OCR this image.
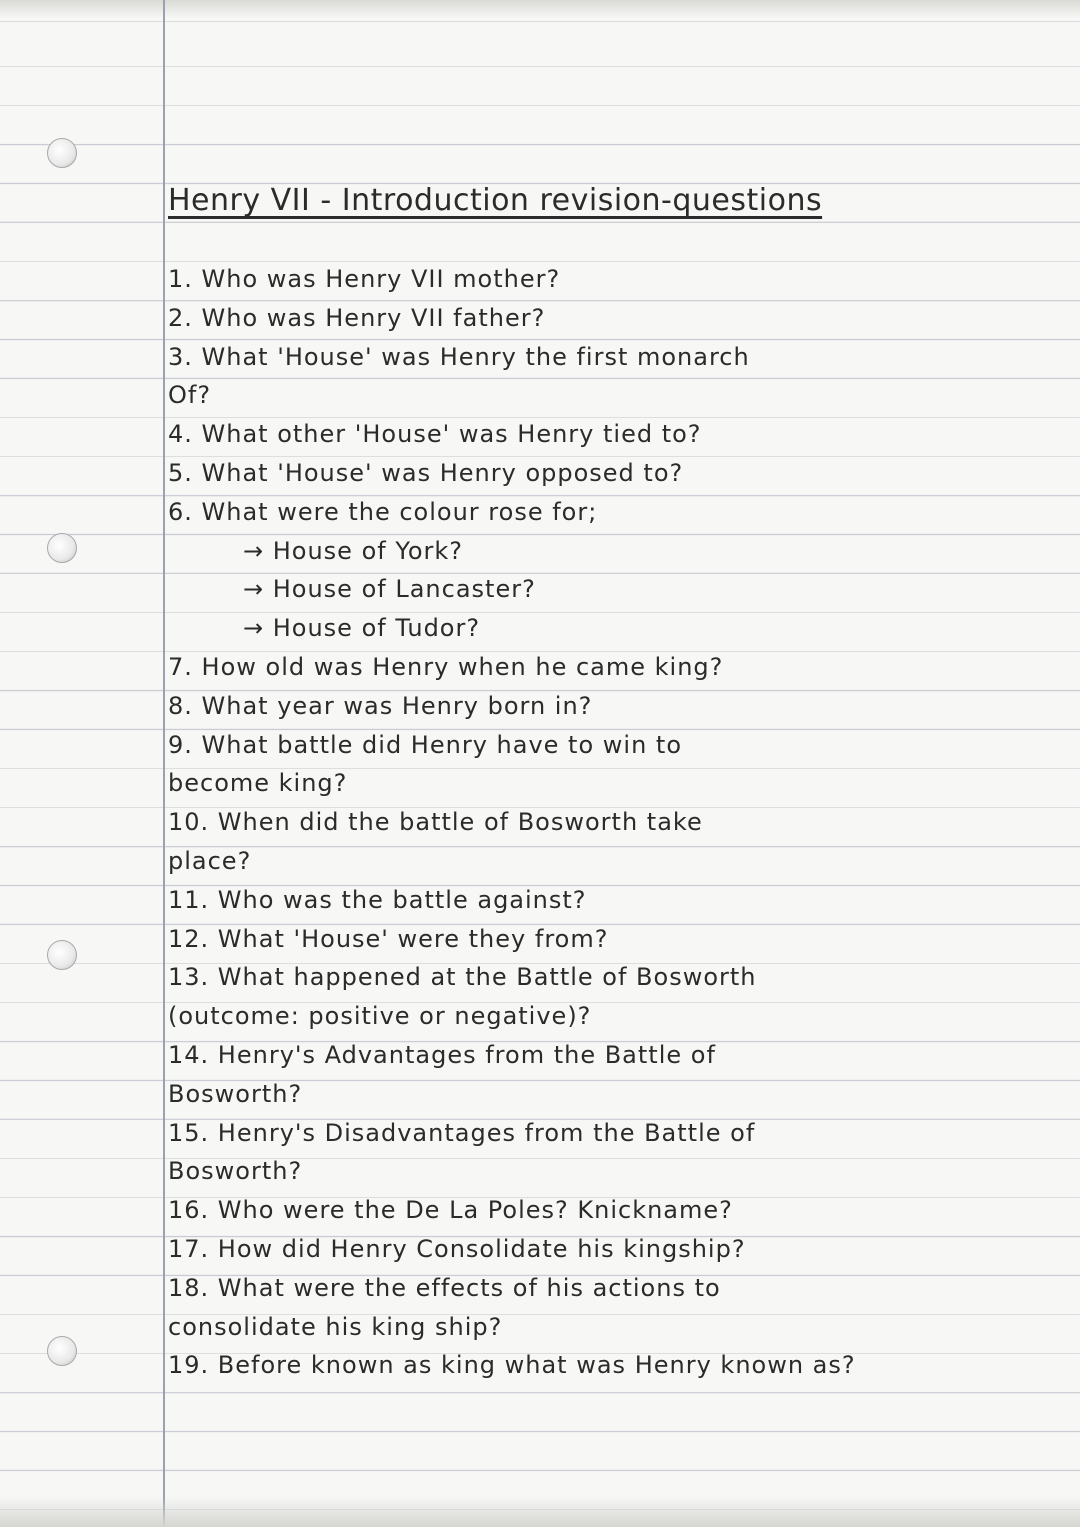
Henry VII - Introduction revision-questions

1. Who was Henry VII mother?

2. Who was Henry VII father?

3. What 'House' was Henry the first monarch

Of?

4. What other 'House' was Henry tied to?

5. What 'House' was Henry opposed to?

6. What were the colour rose for;

→ House of York?

→ House of Lancaster?

→ House of Tudor?

7. How old was Henry when he came king?

8. What year was Henry born in?

9. What battle did Henry have to win to

become king?

10. When did the battle of Bosworth take

place?

11. Who was the battle against?

12. What 'House' were they from?

13. What happened at the Battle of Bosworth

(outcome: positive or negative)?

14. Henry's Advantages from the Battle of

Bosworth?

15. Henry's Disadvantages from the Battle of

Bosworth?

16. Who were the De La Poles? Knickname?

17. How did Henry Consolidate his kingship?

18. What were the effects of his actions to

consolidate his king ship?

19. Before known as king what was Henry known as?
